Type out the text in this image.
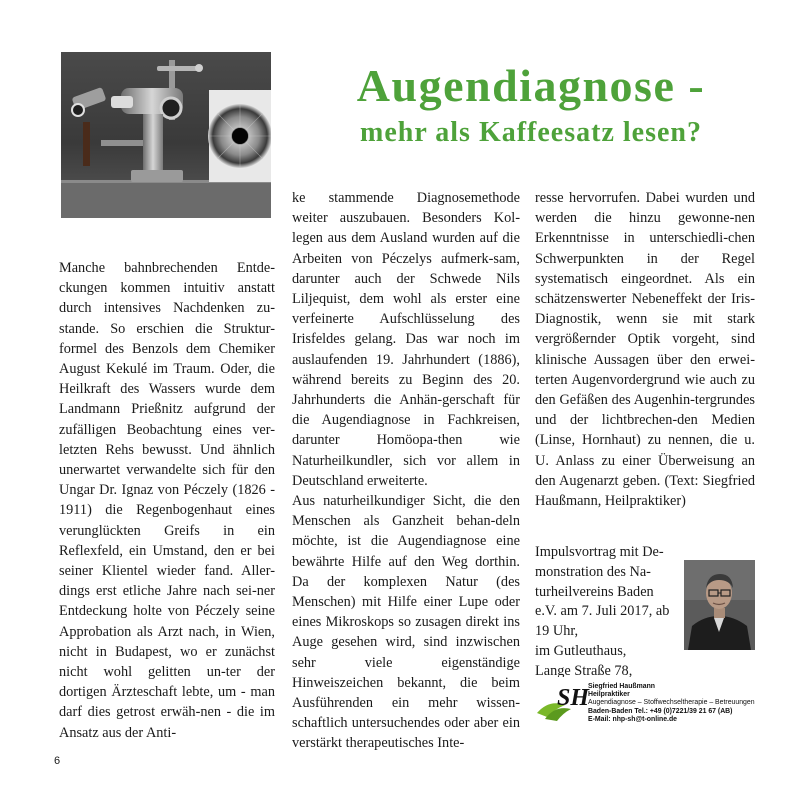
Augendiagnose -
mehr als Kaffeesatz lesen?

Manche bahnbrechenden Entde-ckungen kommen intuitiv anstatt durch intensives Nachdenken zu-stande. So erschien die Struktur-formel des Benzols dem Chemiker August Kekulé im Traum. Oder, die Heilkraft des Wassers wurde dem Landmann Prießnitz aufgrund der zufälligen Beobachtung eines ver-letzten Rehs bewusst. Und ähnlich unerwartet verwandelte sich für den Ungar Dr. Ignaz von Péczely (1826 - 1911) die Regenbogenhaut eines verunglückten Greifs in ein Reflexfeld, ein Umstand, den er bei seiner Klientel wieder fand. Aller-dings erst etliche Jahre nach sei-ner Entdeckung holte von Péczely seine Approbation als Arzt nach, in Wien, nicht in Budapest, wo er zunächst nicht wohl gelitten un-ter der dortigen Ärzteschaft lebte, um - man darf dies getrost erwäh-nen - die im Ansatz aus der Anti-

ke stammende Diagnosemethode weiter auszubauen. Besonders Kol-legen aus dem Ausland wurden auf die Arbeiten von Péczelys aufmerk-sam, darunter auch der Schwede Nils Liljequist, dem wohl als erster eine verfeinerte Aufschlüsselung des Irisfeldes gelang. Das war noch im auslaufenden 19. Jahrhundert (1886), während bereits zu Beginn des 20. Jahrhunderts die Anhän-gerschaft für die Augendiagnose in Fachkreisen, darunter Homöopa-then wie Naturheilkundler, sich vor allem in Deutschland erweiterte.

Aus naturheilkundiger Sicht, die den Menschen als Ganzheit behan-deln möchte, ist die Augendiagnose eine bewährte Hilfe auf den Weg dorthin. Da der komplexen Natur (des Menschen) mit Hilfe einer Lupe oder eines Mikroskops so zusagen direkt ins Auge gesehen wird, sind inzwischen sehr viele eigenständige Hinweiszeichen bekannt, die beim Ausführenden ein mehr wissen-schaftlich untersuchendes oder aber ein verstärkt therapeutisches Inte-

resse hervorrufen. Dabei wurden und werden die hinzu gewonne-nen Erkenntnisse in unterschiedli-chen Schwerpunkten in der Regel systematisch eingeordnet. Als ein schätzenswerter Nebeneffekt der Iris-Diagnostik, wenn sie mit stark vergrößernder Optik vorgeht, sind klinische Aussagen über den erwei-terten Augenvordergrund wie auch zu den Gefäßen des Augenhin-tergrundes und der lichtbrechen-den Medien (Linse, Hornhaut) zu nennen, die u. U. Anlass zu einer Überweisung an den Augenarzt geben. (Text: Siegfried Haußmann, Heilpraktiker)

Impulsvortrag mit De-
monstration des Na-
turheilvereins Baden
e.V. am 7. Juli 2017, ab
19 Uhr,
im Gutleuthaus,
Lange Straße 78,
SH
Siegfried Haußmann
Heilpraktiker
Augendiagnose – Stoffwechseltherapie – Betreuungen
Baden-Baden Tel.: +49 (0)7221/39 21 67 (AB)
E-Mail: nhp-sh@t-online.de
6
